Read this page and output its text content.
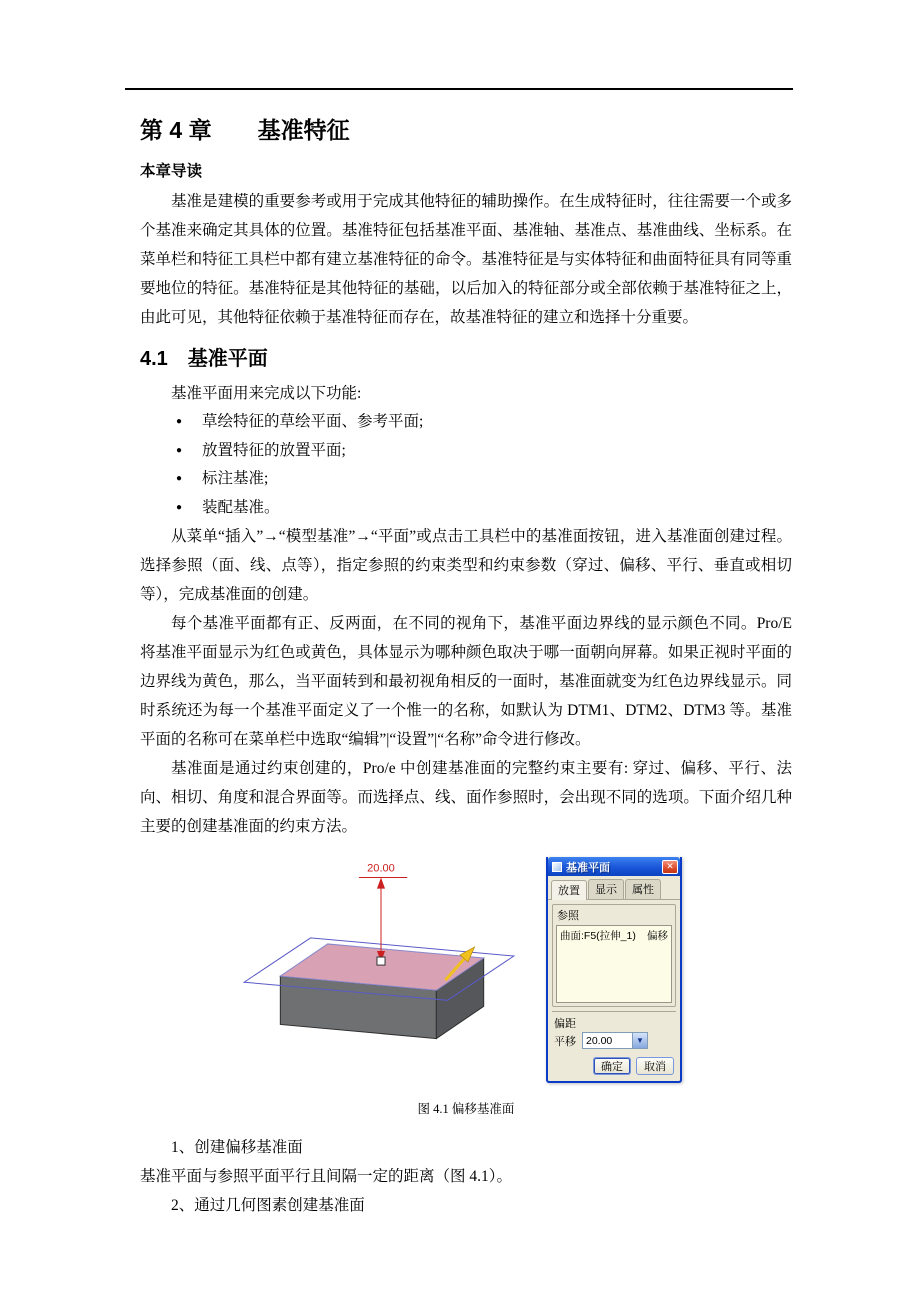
第 4 章　　基准特征
本章导读

基准是建模的重要参考或用于完成其他特征的辅助操作。在生成特征时，往往需要一个或多个基准来确定其具体的位置。基准特征包括基准平面、基准轴、基准点、基准曲线、坐标系。在菜单栏和特征工具栏中都有建立基准特征的命令。基准特征是与实体特征和曲面特征具有同等重要地位的特征。基准特征是其他特征的基础，以后加入的特征部分或全部依赖于基准特征之上，由此可见，其他特征依赖于基准特征而存在，故基准特征的建立和选择十分重要。

4.1　基准平面

基准平面用来完成以下功能:

● 草绘特征的草绘平面、参考平面;
● 放置特征的放置平面;
● 标注基准;
● 装配基准。

从菜单“插入”→“模型基准”→“平面”或点击工具栏中的基准面按钮，进入基准面创建过程。选择参照（面、线、点等），指定参照的约束类型和约束参数（穿过、偏移、平行、垂直或相切等），完成基准面的创建。

每个基准平面都有正、反两面，在不同的视角下，基准平面边界线的显示颜色不同。Pro/E 将基准平面显示为红色或黄色，具体显示为哪种颜色取决于哪一面朝向屏幕。如果正视时平面的边界线为黄色，那么，当平面转到和最初视角相反的一面时，基准面就变为红色边界线显示。同时系统还为每一个基准平面定义了一个惟一的名称，如默认为 DTM1、DTM2、DTM3 等。基准平面的名称可在菜单栏中选取“编辑”|“设置”|“名称”命令进行修改。

基准面是通过约束创建的，Pro/e 中创建基准面的完整约束主要有: 穿过、偏移、平行、法向、相切、角度和混合界面等。而选择点、线、面作参照时，会出现不同的选项。下面介绍几种主要的创建基准面的约束方法。

20.00	基准平面	✕
放置	显示	属性
参照
曲面:F5(拉伸_1) 偏移
偏距
平移 20.00	▼
确定	取消
图 4.1 偏移基准面

1、创建偏移基准面

基准平面与参照平面平行且间隔一定的距离（图 4.1）。

2、通过几何图素创建基准面
